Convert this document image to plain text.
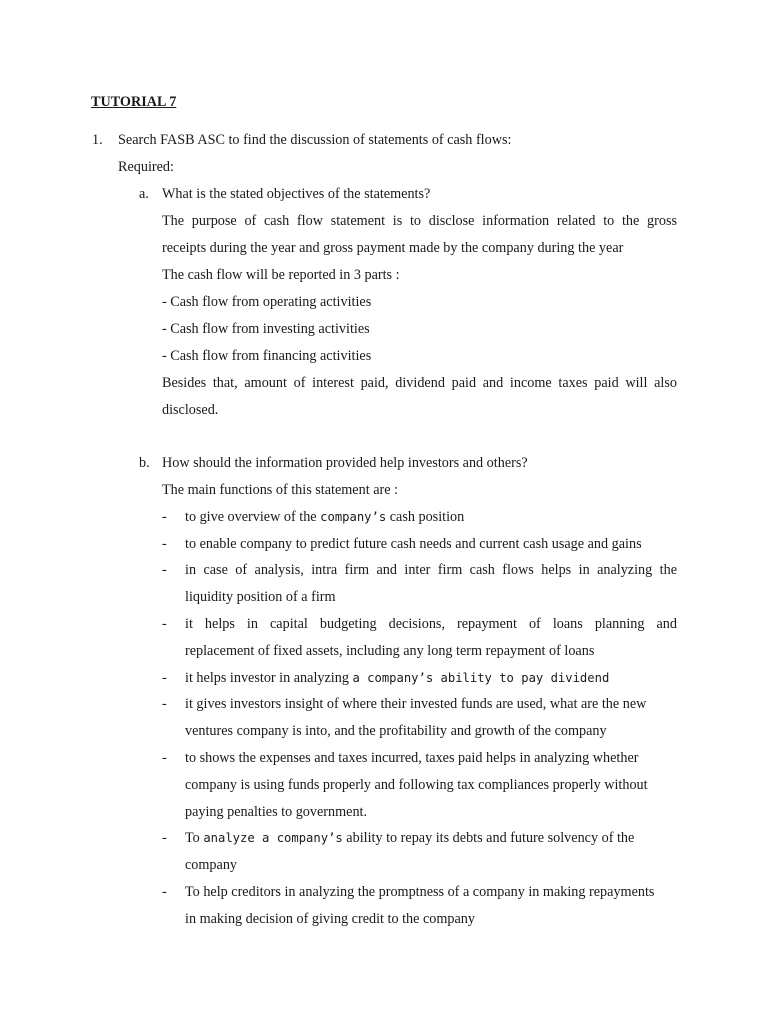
TUTORIAL 7
1. Search FASB ASC to find the discussion of statements of cash flows:
Required:
a. What is the stated objectives of the statements?
The purpose of cash flow statement is to disclose information related to the gross
receipts during the year and gross payment made by the company during the year
The cash flow will be reported in 3 parts :
- Cash flow from operating activities
- Cash flow from investing activities
- Cash flow from financing activities
Besides that, amount of interest paid, dividend paid and income taxes paid will also
disclosed.
b. How should the information provided help investors and others?
The main functions of this statement are :
- to give overview of the company’s cash position
- to enable company to predict future cash needs and current cash usage and gains
- in case of analysis, intra firm and inter firm cash flows helps in analyzing the
liquidity position of a firm
- it helps in capital budgeting decisions, repayment of loans planning and
replacement of fixed assets, including any long term repayment of loans
- it helps investor in analyzing a company’s ability to pay dividend
- it gives investors insight of where their invested funds are used, what are the new
ventures company is into, and the profitability and growth of the company
- to shows the expenses and taxes incurred, taxes paid helps in analyzing whether
company is using funds properly and following tax compliances properly without
paying penalties to government.
- To analyze a company’s ability to repay its debts and future solvency of the
company
- To help creditors in analyzing the promptness of a company in making repayments
in making decision of giving credit to the company
